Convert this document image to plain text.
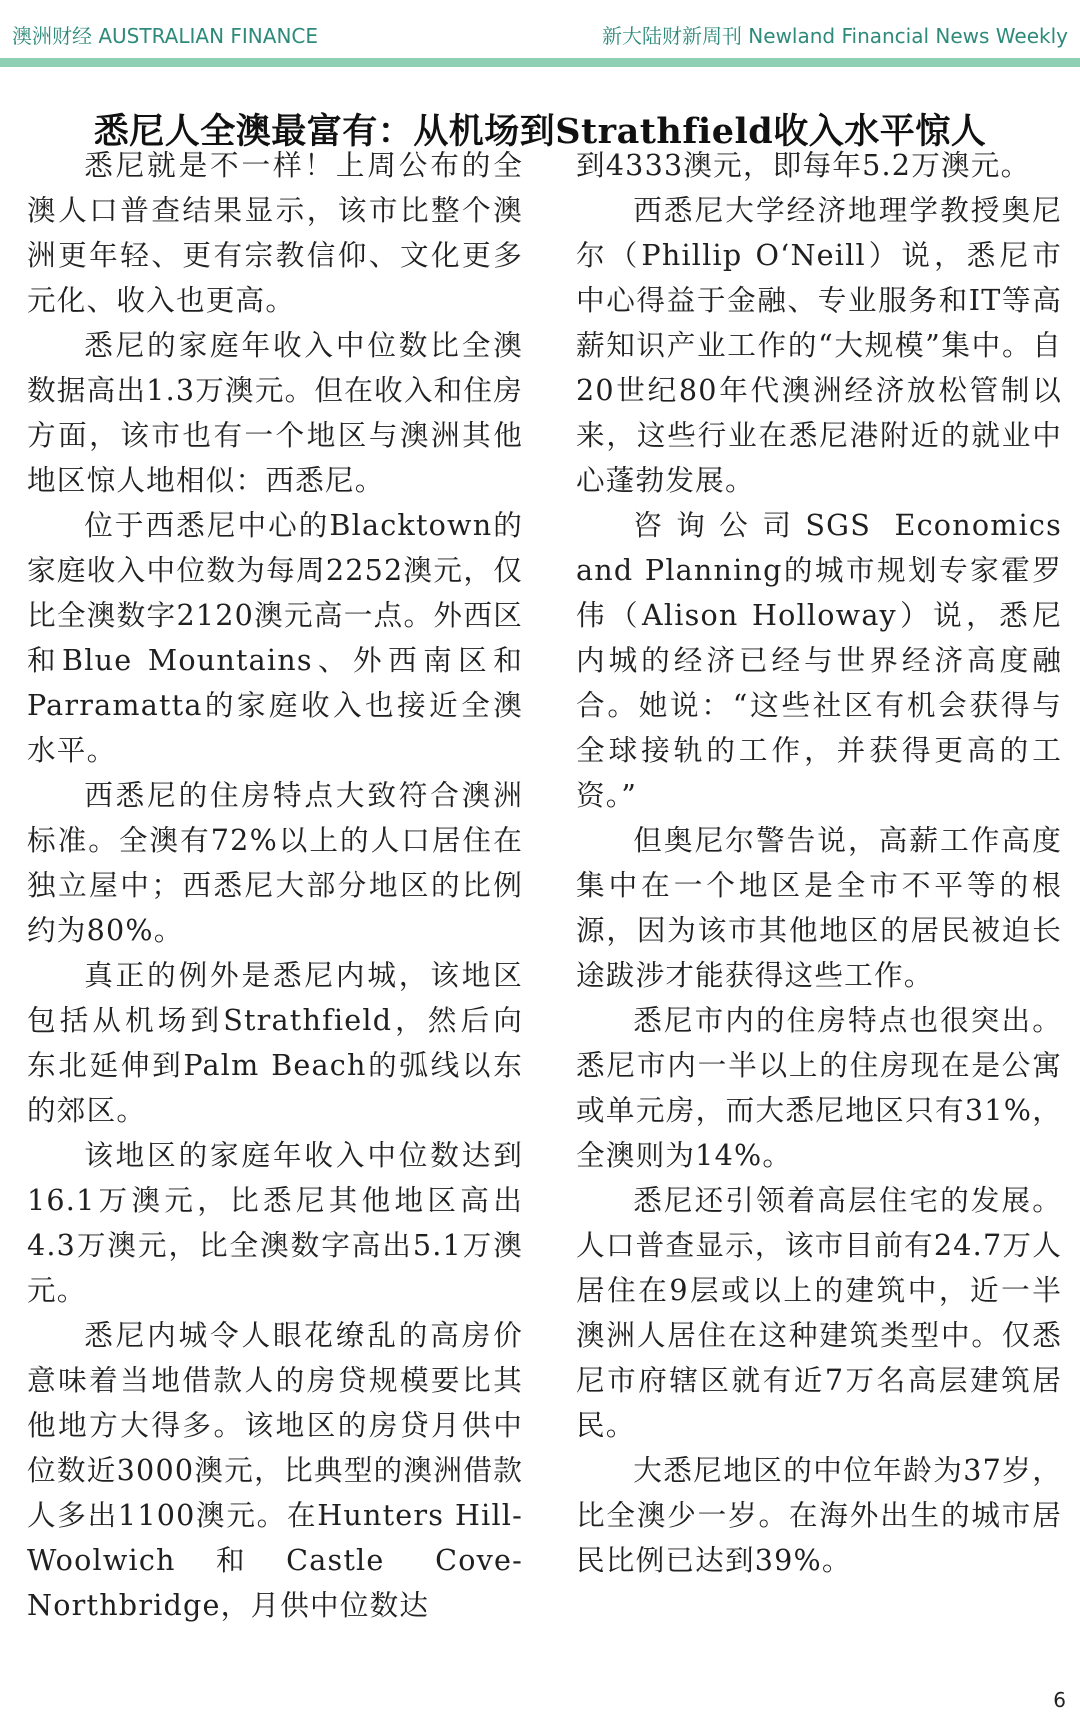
澳洲财经 AUSTRALIAN FINANCE	新大陆财新周刊 Newland Financial News Weekly
悉尼人全澳最富有：从机场到Strathfield收入水平惊人

悉尼就是不一样！上周公布的全澳人口普查结果显示，该市比整个澳洲更年轻、更有宗教信仰、文化更多元化、收入也更高。

悉尼的家庭年收入中位数比全澳数据高出1.3万澳元。但在收入和住房方面，该市也有一个地区与澳洲其他地区惊人地相似：西悉尼。

位于西悉尼中心的Blacktown的家庭收入中位数为每周2252澳元，仅比全澳数字2120澳元高一点。外西区和Blue Mountains、外西南区和Parramatta的家庭收入也接近全澳水平。

西悉尼的住房特点大致符合澳洲标准。全澳有72%以上的人口居住在独立屋中；西悉尼大部分地区的比例约为80%。

真正的例外是悉尼内城，该地区包括从机场到Strathfield，然后向东北延伸到Palm Beach的弧线以东的郊区。

该地区的家庭年收入中位数达到16.1万澳元，比悉尼其他地区高出4.3万澳元，比全澳数字高出5.1万澳元。

悉尼内城令人眼花缭乱的高房价意味着当地借款人的房贷规模要比其他地方大得多。该地区的房贷月供中位数近3000澳元，比典型的澳洲借款人多出1100澳元。在Hunters Hill-Woolwich和Castle Cove-Northbridge，月供中位数达

到4333澳元，即每年5.2万澳元。

西悉尼大学经济地理学教授奥尼尔（Phillip O‘Neill）说，悉尼市中心得益于金融、专业服务和IT等高薪知识产业工作的“大规模”集中。自20世纪80年代澳洲经济放松管制以来，这些行业在悉尼港附近的就业中心蓬勃发展。

咨询公司SGS Economics and Planning的城市规划专家霍罗伟（Alison Holloway）说，悉尼内城的经济已经与世界经济高度融合。她说：“这些社区有机会获得与全球接轨的工作，并获得更高的工资。”

但奥尼尔警告说，高薪工作高度集中在一个地区是全市不平等的根源，因为该市其他地区的居民被迫长途跋涉才能获得这些工作。

悉尼市内的住房特点也很突出。悉尼市内一半以上的住房现在是公寓或单元房，而大悉尼地区只有31%，全澳则为14%。

悉尼还引领着高层住宅的发展。人口普查显示，该市目前有24.7万人居住在9层或以上的建筑中，近一半澳洲人居住在这种建筑类型中。仅悉尼市府辖区就有近7万名高层建筑居民。

大悉尼地区的中位年龄为37岁，比全澳少一岁。在海外出生的城市居民比例已达到39%。

6
